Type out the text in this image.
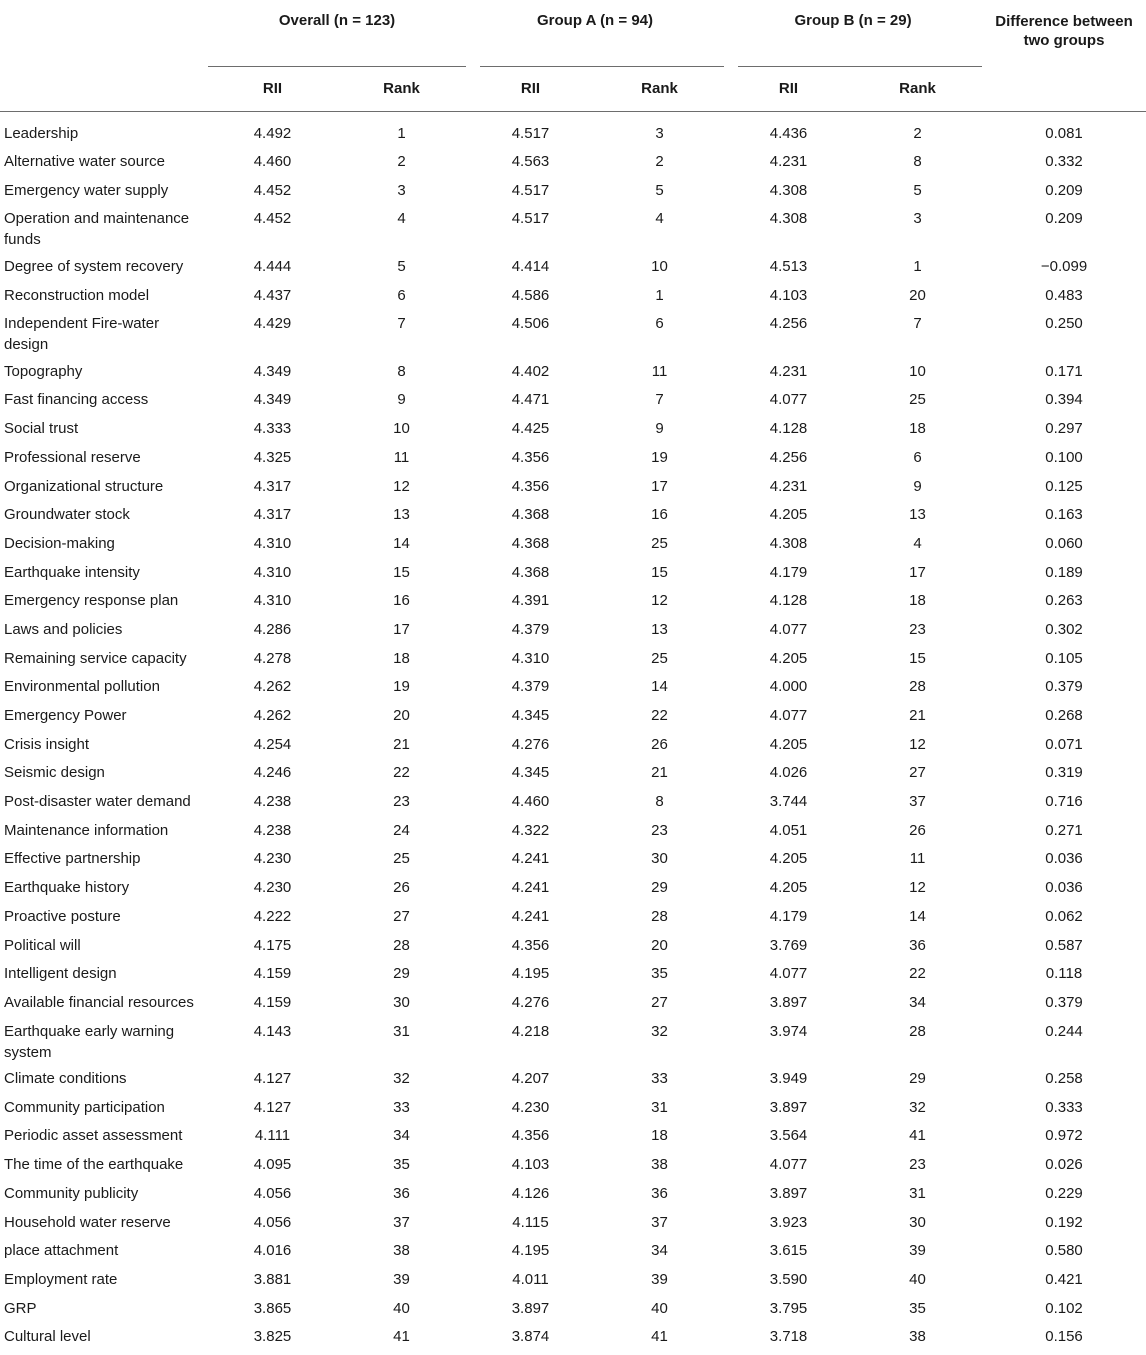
	Overall (n = 123)		Group A (n = 94)		Group B (n = 29)		Difference between two groups

	RII	Rank	RII	Rank	RII	Rank	
Leadership	4.492	1	4.517	3	4.436	2	0.081
Alternative water source	4.460	2	4.563	2	4.231	8	0.332
Emergency water supply	4.452	3	4.517	5	4.308	5	0.209
Operation and maintenance funds	4.452	4	4.517	4	4.308	3	0.209
Degree of system recovery	4.444	5	4.414	10	4.513	1	−0.099
Reconstruction model	4.437	6	4.586	1	4.103	20	0.483
Independent Fire-water design	4.429	7	4.506	6	4.256	7	0.250
Topography	4.349	8	4.402	11	4.231	10	0.171
Fast financing access	4.349	9	4.471	7	4.077	25	0.394
Social trust	4.333	10	4.425	9	4.128	18	0.297
Professional reserve	4.325	11	4.356	19	4.256	6	0.100
Organizational structure	4.317	12	4.356	17	4.231	9	0.125
Groundwater stock	4.317	13	4.368	16	4.205	13	0.163
Decision-making	4.310	14	4.368	25	4.308	4	0.060
Earthquake intensity	4.310	15	4.368	15	4.179	17	0.189
Emergency response plan	4.310	16	4.391	12	4.128	18	0.263
Laws and policies	4.286	17	4.379	13	4.077	23	0.302
Remaining service capacity	4.278	18	4.310	25	4.205	15	0.105
Environmental pollution	4.262	19	4.379	14	4.000	28	0.379
Emergency Power	4.262	20	4.345	22	4.077	21	0.268
Crisis insight	4.254	21	4.276	26	4.205	12	0.071
Seismic design	4.246	22	4.345	21	4.026	27	0.319
Post-disaster water demand	4.238	23	4.460	8	3.744	37	0.716
Maintenance information	4.238	24	4.322	23	4.051	26	0.271
Effective partnership	4.230	25	4.241	30	4.205	11	0.036
Earthquake history	4.230	26	4.241	29	4.205	12	0.036
Proactive posture	4.222	27	4.241	28	4.179	14	0.062
Political will	4.175	28	4.356	20	3.769	36	0.587
Intelligent design	4.159	29	4.195	35	4.077	22	0.118
Available financial resources	4.159	30	4.276	27	3.897	34	0.379
Earthquake early warning system	4.143	31	4.218	32	3.974	28	0.244
Climate conditions	4.127	32	4.207	33	3.949	29	0.258
Community participation	4.127	33	4.230	31	3.897	32	0.333
Periodic asset assessment	4.111	34	4.356	18	3.564	41	0.972
The time of the earthquake	4.095	35	4.103	38	4.077	23	0.026
Community publicity	4.056	36	4.126	36	3.897	31	0.229
Household water reserve	4.056	37	4.115	37	3.923	30	0.192
place attachment	4.016	38	4.195	34	3.615	39	0.580
Employment rate	3.881	39	4.011	39	3.590	40	0.421
GRP	3.865	40	3.897	40	3.795	35	0.102
Cultural level	3.825	41	3.874	41	3.718	38	0.156
